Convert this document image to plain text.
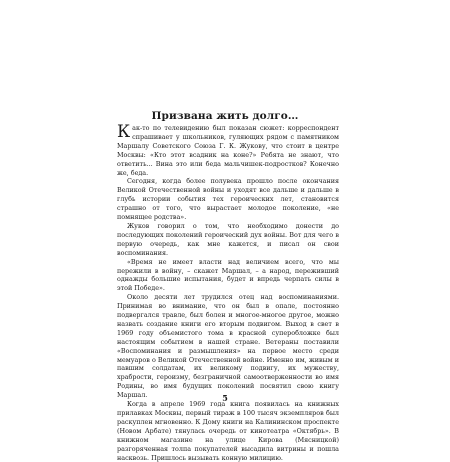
Призвана жить долго…

Как-то по телевидению был показан сюжет: корреспондент спрашивает у школьников, гуляющих рядом с памятником Маршалу Советского Союза Г. К. Жукову, что стоит в центре Москвы: «Кто этот всадник на коне?» Ребята не знают, что ответить... Вина это или беда мальчишек-подростков? Конечно же, беда.

Сегодня, когда более полувека прошло после окончания Великой Отечественной войны и уходят все дальше и дальше в глубь истории события тех героических лет, становится страшно от того, что вырастает молодое поколение, «не помнящее родства».

Жуков говорил о том, что необходимо донести до последующих поколений героический дух войны. Вот для чего в первую очередь, как мне кажется, и писал он свои воспоминания.

«Время не имеет власти над величием всего, что мы пережили в войну, – скажет Маршал, – а народ, переживший однажды большие испытания, будет и впредь черпать силы в этой Победе».

Около десяти лет трудился отец над воспоминаниями. Принимая во внимание, что он был в опале, постоянно подвергался травле, был болен и многое-многое другое, можно назвать создание книги его вторым подвигом. Выход в свет в 1969 году объемистого тома в красной суперобложке был настоящим событием в нашей стране. Ветераны поставили «Воспоминания и размышления» на первое место среди мемуаров о Великой Отечественной войне. Именно им, живым и павшим солдатам, их великому подвигу, их мужеству, храбрости, героизму, безграничной самоотверженности во имя Родины, во имя будущих поколений посвятил свою книгу Маршал.

Когда в апреле 1969 года книга появилась на книжных прилавках Москвы, первый тираж в 100 тысяч экземпляров был раскуплен мгновенно. К Дому книги на Калининском проспекте (Новом Арбате) тянулась очередь от кинотеатра «Октябрь». В книжном магазине на улице Кирова (Мясницкой) разгоряченная толпа покупателей выcадила витрины и пошла насквозь. Пришлось вызывать конную милицию.

5
